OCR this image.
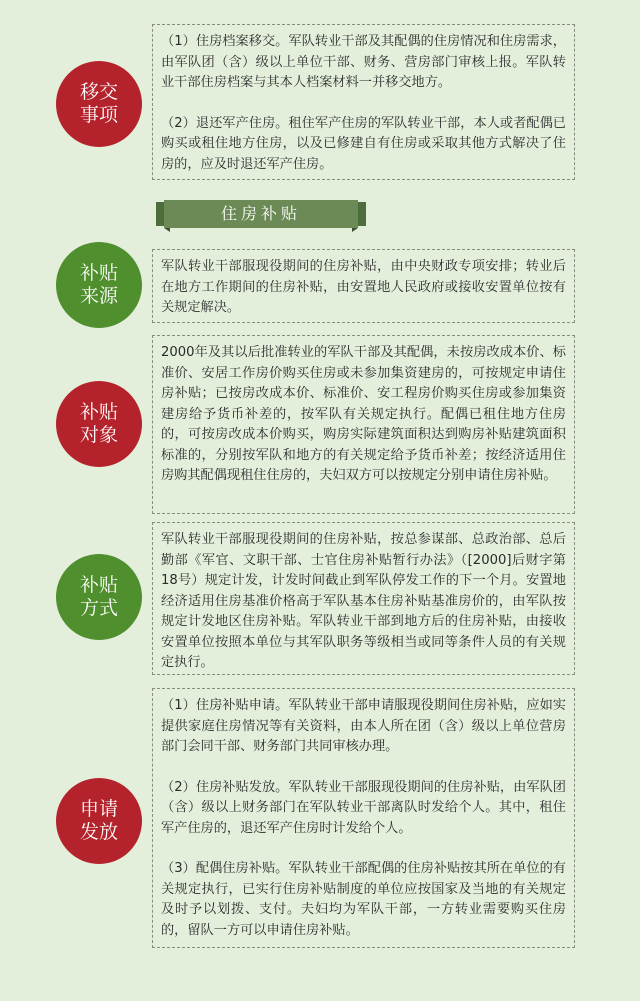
移交
事项

（1）住房档案移交。军队转业干部及其配偶的住房情况和住房需求，由军队团（含）级以上单位干部、财务、营房部门审核上报。军队转业干部住房档案与其本人档案材料一并移交地方。

（2）退还军产住房。租住军产住房的军队转业干部，本人或者配偶已购买或租住地方住房，以及已修建自有住房或采取其他方式解决了住房的，应及时退还军产住房。

住房补贴
补贴
来源

军队转业干部服现役期间的住房补贴，由中央财政专项安排；转业后在地方工作期间的住房补贴，由安置地人民政府或接收安置单位按有关规定解决。

补贴
对象

2000年及其以后批准转业的军队干部及其配偶，未按房改成本价、标准价、安居工作房价购买住房或未参加集资建房的，可按规定申请住房补贴；已按房改成本价、标准价、安工程房价购买住房或参加集资建房给予货币补差的，按军队有关规定执行。配偶已租住地方住房的，可按房改成本价购买，购房实际建筑面积达到购房补贴建筑面积标准的，分别按军队和地方的有关规定给予货币补差；按经济适用住房购其配偶现租住住房的，夫妇双方可以按规定分别申请住房补贴。

补贴
方式

军队转业干部服现役期间的住房补贴，按总参谋部、总政治部、总后勤部《军官、文职干部、士官住房补贴暂行办法》（[2000]后财字第18号）规定计发，计发时间截止到军队停发工作的下一个月。安置地经济适用住房基准价格高于军队基本住房补贴基准房价的，由军队按规定计发地区住房补贴。军队转业干部到地方后的住房补贴，由接收安置单位按照本单位与其军队职务等级相当或同等条件人员的有关规定执行。

申请
发放

（1）住房补贴申请。军队转业干部申请服现役期间住房补贴，应如实提供家庭住房情况等有关资料，由本人所在团（含）级以上单位营房部门会同干部、财务部门共同审核办理。

（2）住房补贴发放。军队转业干部服现役期间的住房补贴，由军队团（含）级以上财务部门在军队转业干部离队时发给个人。其中，租住军产住房的，退还军产住房时计发给个人。

（3）配偶住房补贴。军队转业干部配偶的住房补贴按其所在单位的有关规定执行，已实行住房补贴制度的单位应按国家及当地的有关规定及时予以划拨、支付。夫妇均为军队干部，一方转业需要购买住房的，留队一方可以申请住房补贴。
